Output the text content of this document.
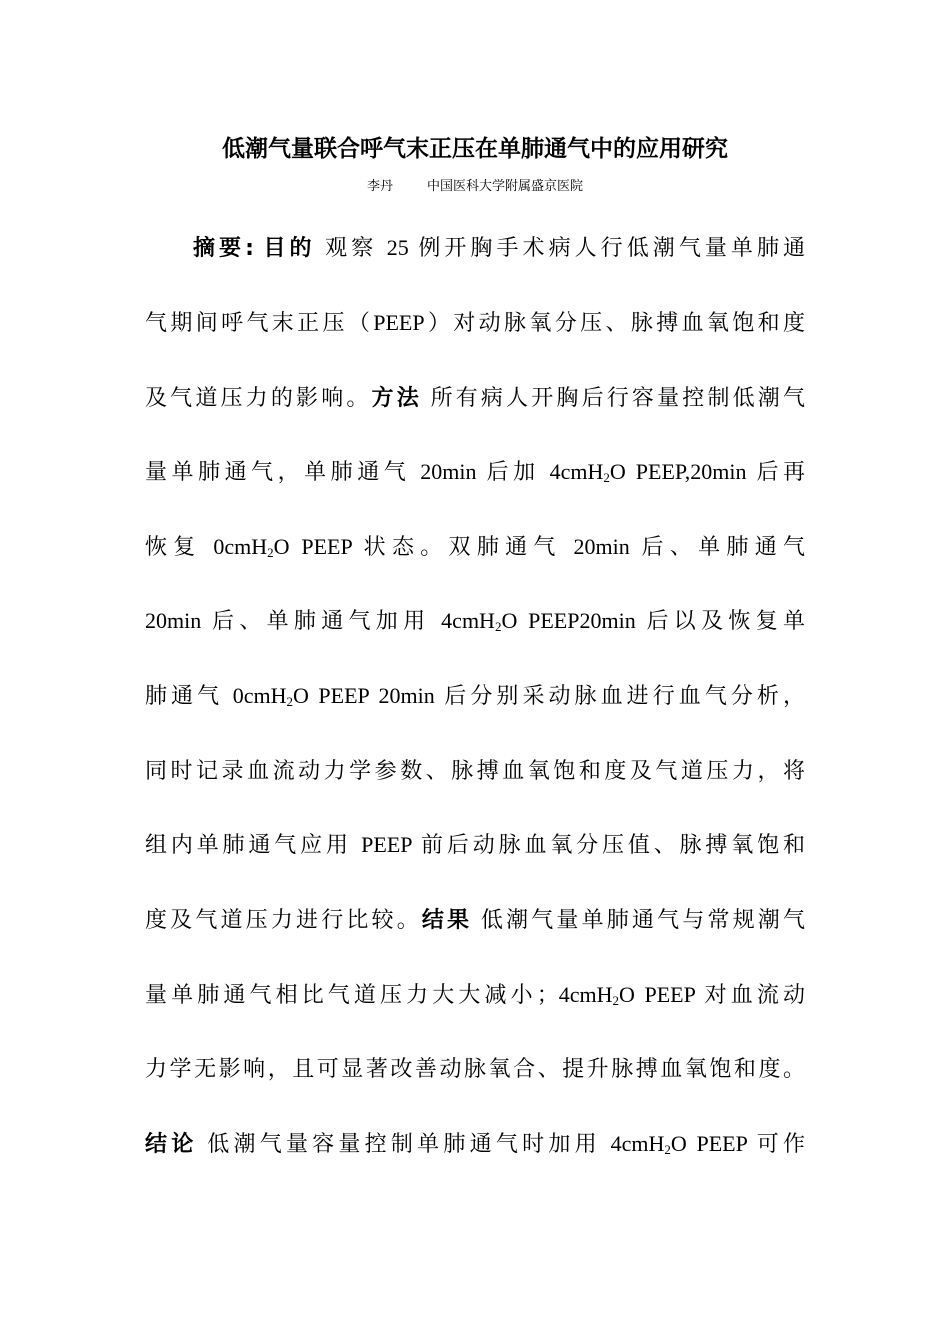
低潮气量联合呼气末正压在单肺通气中的应用研究
李丹	中国医科大学附属盛京医院
摘要: 目的 观察 25 例开胸手术病人行低潮气量单肺通
气期间呼气末正压（PEEP）对动脉氧分压、脉搏血氧饱和度
及气道压力的影响。方法 所有病人开胸后行容量控制低潮气
量单肺通气，单肺通气 20min 后加 4cmH$_2$O PEEP,20min 后再
恢复 0cmH$_2$O PEEP 状态。双肺通气 20min 后、单肺通气
20min 后、单肺通气加用 4cmH$_2$O PEEP20min 后以及恢复单
肺通气 0cmH$_2$O PEEP 20min 后分别采动脉血进行血气分析，
同时记录血流动力学参数、脉搏血氧饱和度及气道压力，将
组内单肺通气应用 PEEP 前后动脉血氧分压值、脉搏氧饱和
度及气道压力进行比较。结果 低潮气量单肺通气与常规潮气
量单肺通气相比气道压力大大减小；4cmH$_2$O PEEP 对血流动
力学无影响，且可显著改善动脉氧合、提升脉搏血氧饱和度。
结论 低潮气量容量控制单肺通气时加用 4cmH$_2$O PEEP 可作
